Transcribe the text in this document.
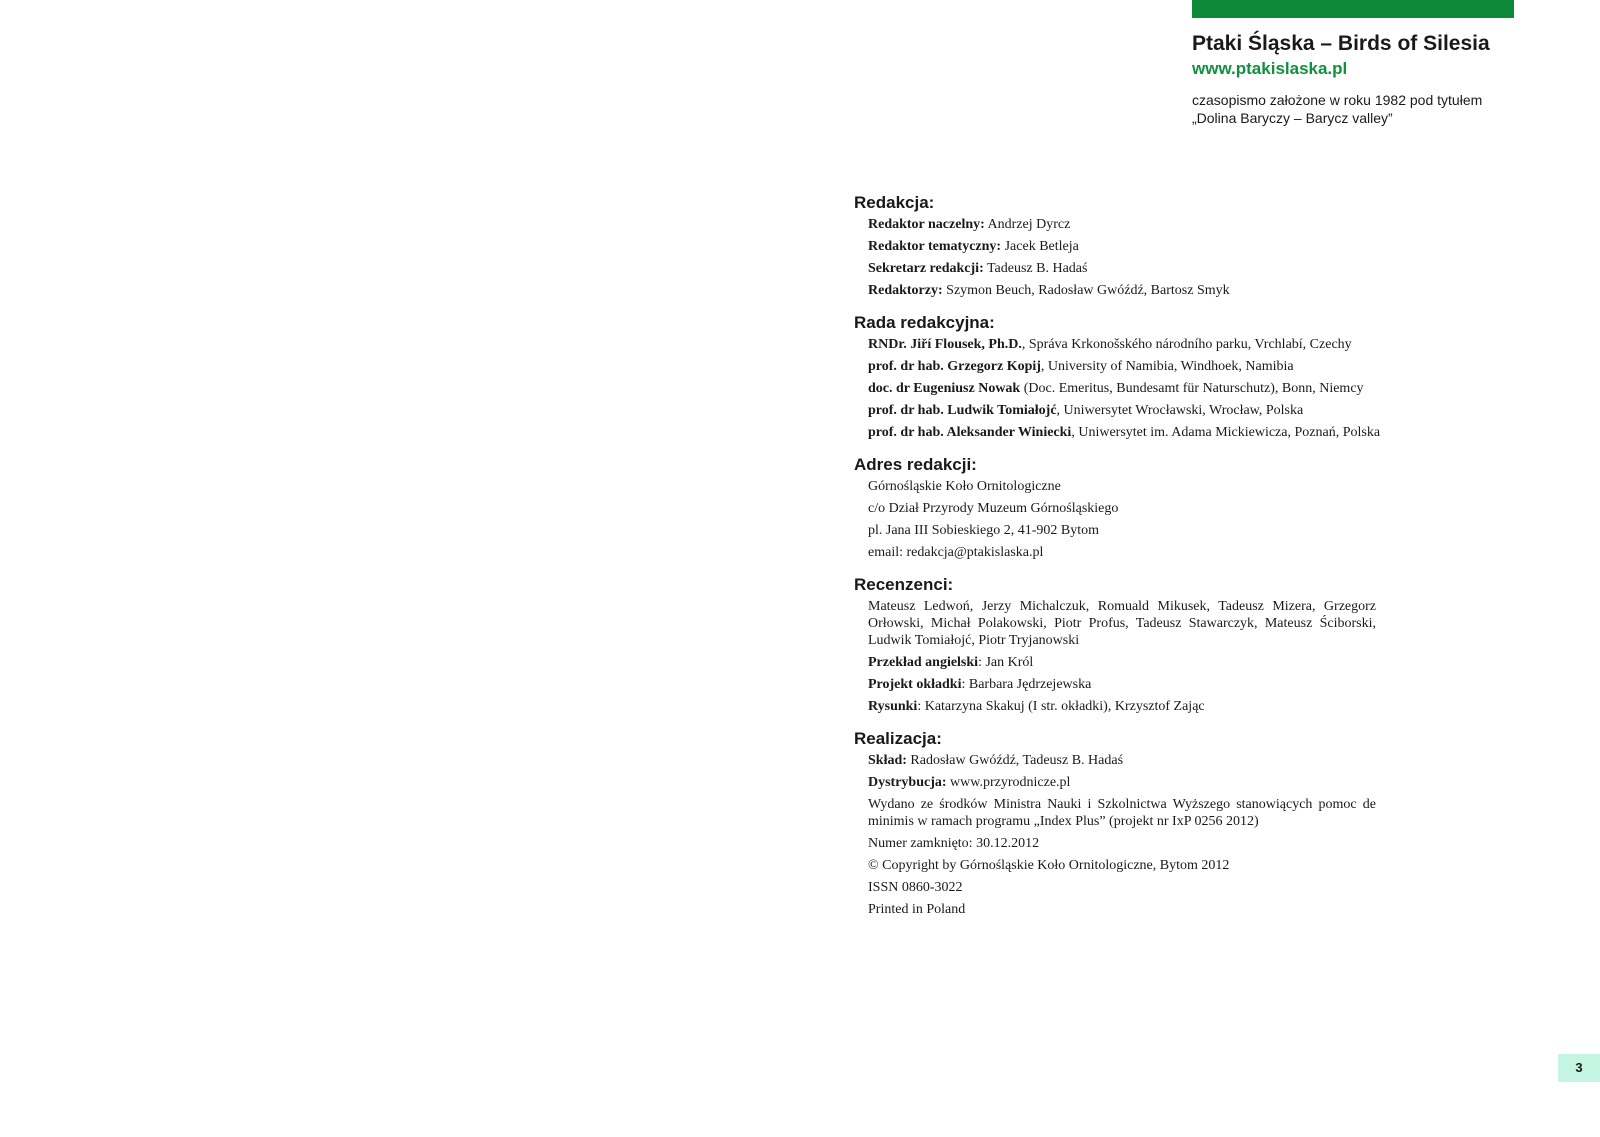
Ptaki Śląska – Birds of Silesia
www.ptakislaska.pl
czasopismo założone w roku 1982 pod tytułem
„Dolina Baryczy – Barycz valley”
Redakcja:
Redaktor naczelny: Andrzej Dyrcz
Redaktor tematyczny: Jacek Betleja
Sekretarz redakcji: Tadeusz B. Hadaś
Redaktorzy: Szymon Beuch, Radosław Gwóźdź, Bartosz Smyk
Rada redakcyjna:
RNDr. Jiří Flousek, Ph.D., Správa Krkonošského národního parku, Vrchlabí, Czechy
prof. dr hab. Grzegorz Kopij, University of Namibia, Windhoek, Namibia
doc. dr Eugeniusz Nowak (Doc. Emeritus, Bundesamt für Naturschutz), Bonn, Niemcy
prof. dr hab. Ludwik Tomiałojć, Uniwersytet Wrocławski, Wrocław, Polska
prof. dr hab. Aleksander Winiecki, Uniwersytet im. Adama Mickiewicza, Poznań, Polska
Adres redakcji:
Górnośląskie Koło Ornitologiczne
c/o Dział Przyrody Muzeum Górnośląskiego
pl. Jana III Sobieskiego 2, 41-902 Bytom
email: redakcja@ptakislaska.pl
Recenzenci:
Mateusz Ledwoń, Jerzy Michalczuk, Romuald Mikusek, Tadeusz Mizera, Grzegorz Orłowski, Michał Polakowski, Piotr Profus, Tadeusz Stawarczyk, Mateusz Ściborski, Ludwik Tomiałojć, Piotr Tryjanowski
Przekład angielski: Jan Król
Projekt okładki: Barbara Jędrzejewska
Rysunki: Katarzyna Skakuj (I str. okładki), Krzysztof Zając
Realizacja:
Skład: Radosław Gwóźdź, Tadeusz B. Hadaś
Dystrybucja: www.przyrodnicze.pl
Wydano ze środków Ministra Nauki i Szkolnictwa Wyższego stanowiących pomoc de minimis w ramach programu „Index Plus” (projekt nr IxP 0256 2012)
Numer zamknięto: 30.12.2012
© Copyright by Górnośląskie Koło Ornitologiczne, Bytom 2012
ISSN 0860-3022
Printed in Poland
3
